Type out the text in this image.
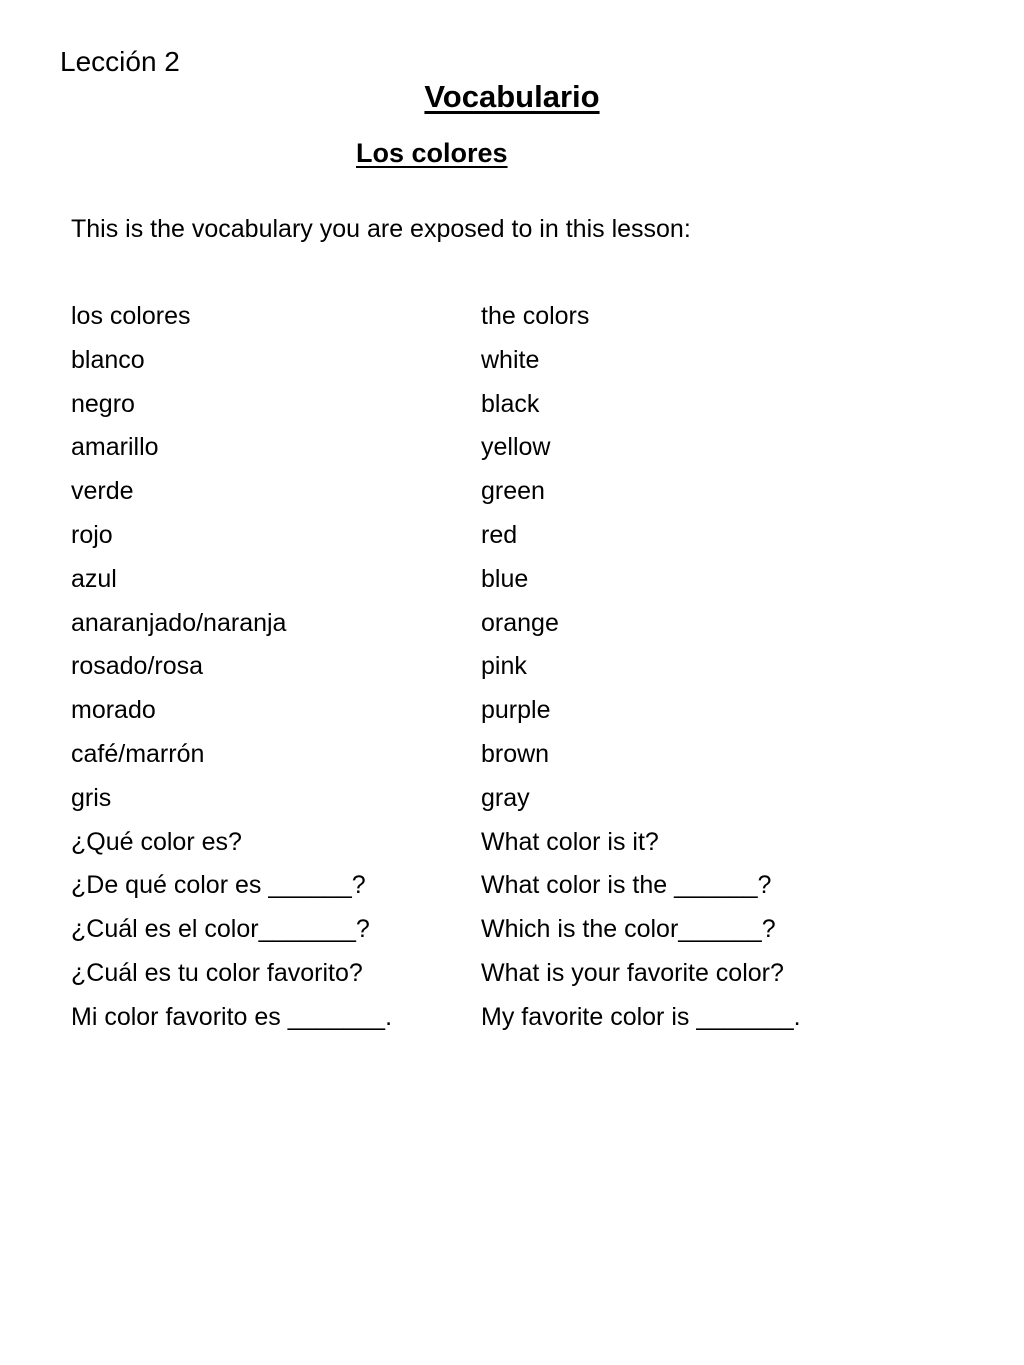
Lección 2
Vocabulario
Los colores
This is the vocabulary you are exposed to in this lesson:
los colores	the colors
blanco	white
negro	black
amarillo	yellow
verde	green
rojo	red
azul	blue
anaranjado/naranja	orange
rosado/rosa	pink
morado	purple
café/marrón	brown
gris	gray
¿Qué color es?	What color is it?
¿De qué color es ______?	What color is the ______?
¿Cuál es el color_______?	Which is the color______?
¿Cuál es tu color favorito?	What is your favorite color?
Mi color favorito es _______.	My favorite color is _______.
